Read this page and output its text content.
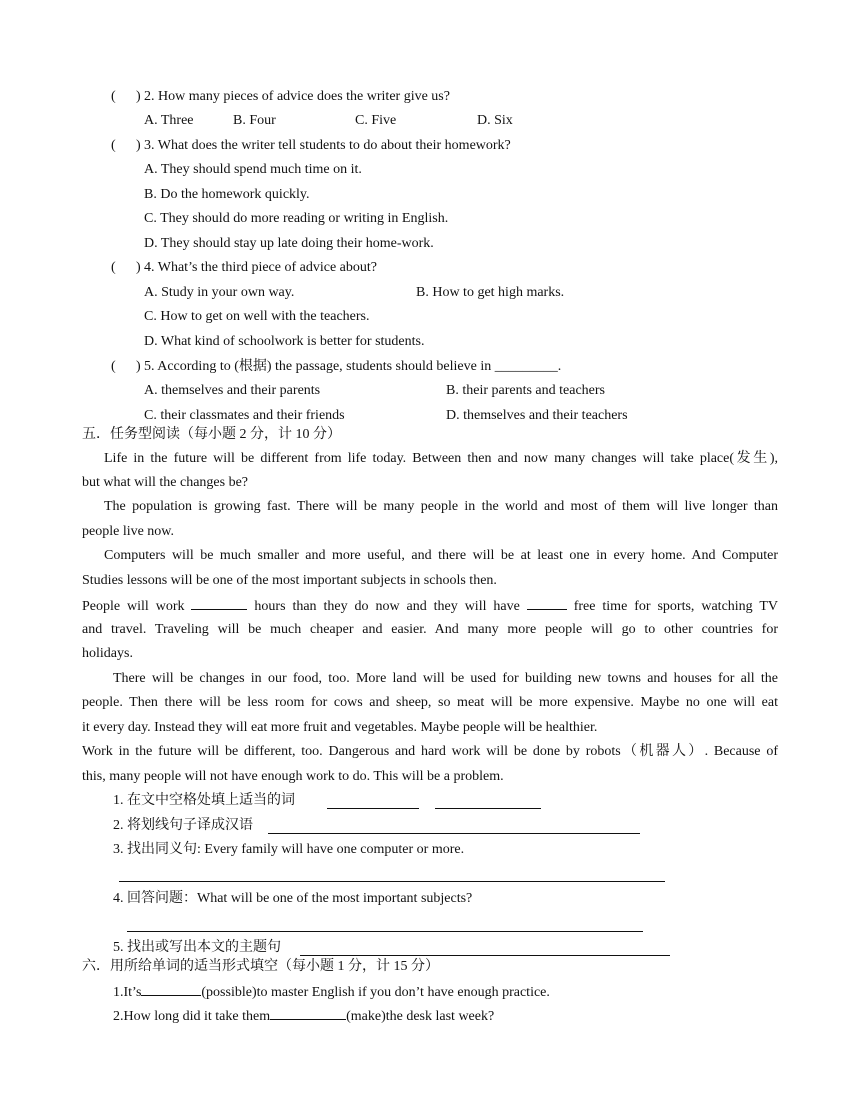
( ) 2. How many pieces of advice does the writer give us?
A. Three	B. Four	C. Five	D. Six
( ) 3. What does the writer tell students to do about their homework?
A. They should spend much time on it.
B. Do the homework quickly.
C. They should do more reading or writing in English.
D. They should stay up late doing their home-work.
( ) 4. What’s the third piece of advice about?
A. Study in your own way.	B. How to get high marks.
C. How to get on well with the teachers.
D. What kind of schoolwork is better for students.
( ) 5. According to (根据) the passage, students should believe in _________.
A. themselves and their parents	B. their parents and teachers
C. their classmates and their friends	D. themselves and their teachers
五．任务型阅读（每小题 2 分，计 10 分）
Life in the future will be different from life today. Between then and now many changes will take place(发生),
but what will the changes be?
The population is growing fast. There will be many people in the world and most of them will live longer than
people live now.
Computers will be much smaller and more useful, and there will be at least one in every home. And Computer
Studies lessons will be one of the most important subjects in schools then.
People will work	hours than they do now and they will have	free time for sports, watching TV
and travel. Traveling will be much cheaper and easier. And many more people will go to other countries for
holidays.
There will be changes in our food, too. More land will be used for building new towns and houses for all the
people. Then there will be less room for cows and sheep, so meat will be more expensive. Maybe no one will eat
it every day. Instead they will eat more fruit and vegetables. Maybe people will be healthier.
Work in the future will be different, too. Dangerous and hard work will be done by robots（机器人）. Because of
this, many people will not have enough work to do. This will be a problem.
1. 在文中空格处填上适当的词
2. 将划线句子译成汉语
3. 找出同义句: Every family will have one computer or more.
4. 回答问题：What will be one of the most important subjects?
5. 找出或写出本文的主题句
六．用所给单词的适当形式填空（每小题 1 分，计 15 分）
1.It’s	(possible)to master English if you don’t have enough practice.
2.How long did it take them	(make)the desk last week?
